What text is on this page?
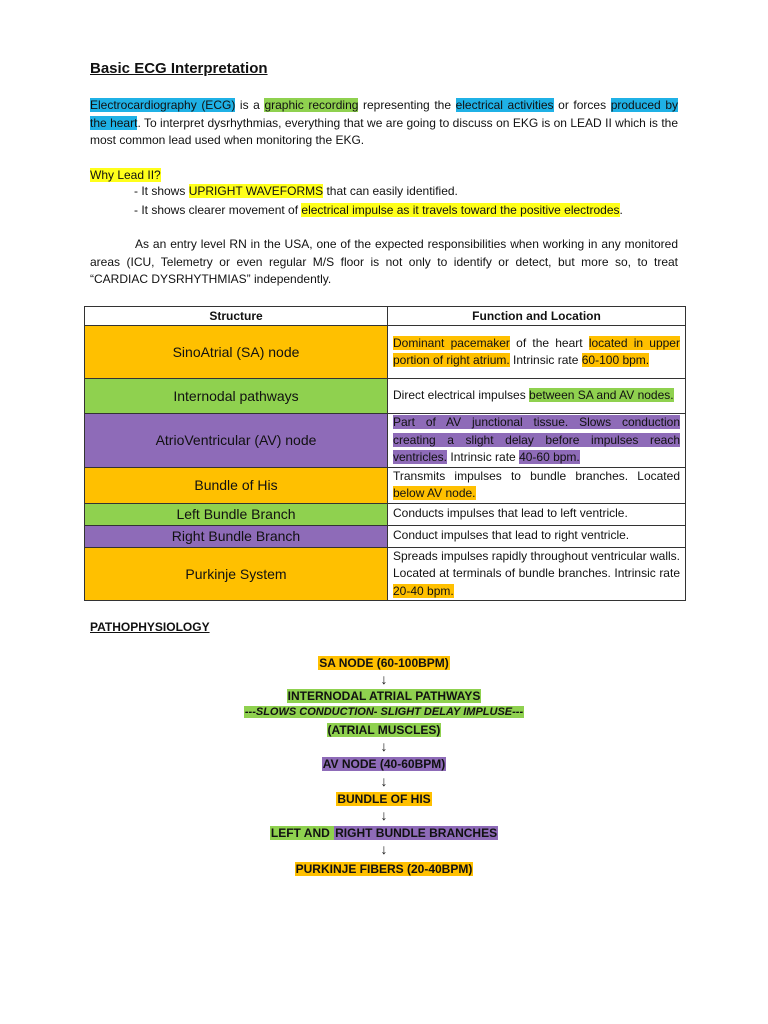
Basic ECG Interpretation
Electrocardiography (ECG) is a graphic recording representing the electrical activities or forces produced by the heart. To interpret dysrhythmias, everything that we are going to discuss on EKG is on LEAD II which is the most common lead used when monitoring the EKG.
Why Lead II?
- It shows UPRIGHT WAVEFORMS that can easily identified.
- It shows clearer movement of electrical impulse as it travels toward the positive electrodes.
As an entry level RN in the USA, one of the expected responsibilities when working in any monitored areas (ICU, Telemetry or even regular M/S floor is not only to identify or detect, but more so, to treat “CARDIAC DYSRHYTHMIAS” independently.
Structure	Function and Location
SinoAtrial (SA) node	Dominant pacemaker of the heart located in upper portion of right atrium. Intrinsic rate 60-100 bpm.
Internodal pathways	Direct electrical impulses between SA and AV nodes.
AtrioVentricular (AV) node	Part of AV junctional tissue. Slows conduction creating a slight delay before impulses reach ventricles. Intrinsic rate 40-60 bpm.
Bundle of His	Transmits impulses to bundle branches. Located below AV node.
Left Bundle Branch	Conducts impulses that lead to left ventricle.
Right Bundle Branch	Conduct impulses that lead to right ventricle.
Purkinje System	Spreads impulses rapidly throughout ventricular walls. Located at terminals of bundle branches. Intrinsic rate 20-40 bpm.
PATHOPHYSIOLOGY
SA NODE (60-100BPM)
↓
INTERNODAL ATRIAL PATHWAYS
---SLOWS CONDUCTION- SLIGHT DELAY IMPLUSE---
(ATRIAL MUSCLES)
↓
AV NODE (40-60BPM)
↓
BUNDLE OF HIS
↓
LEFT AND RIGHT BUNDLE BRANCHES
↓
PURKINJE FIBERS (20-40BPM)
